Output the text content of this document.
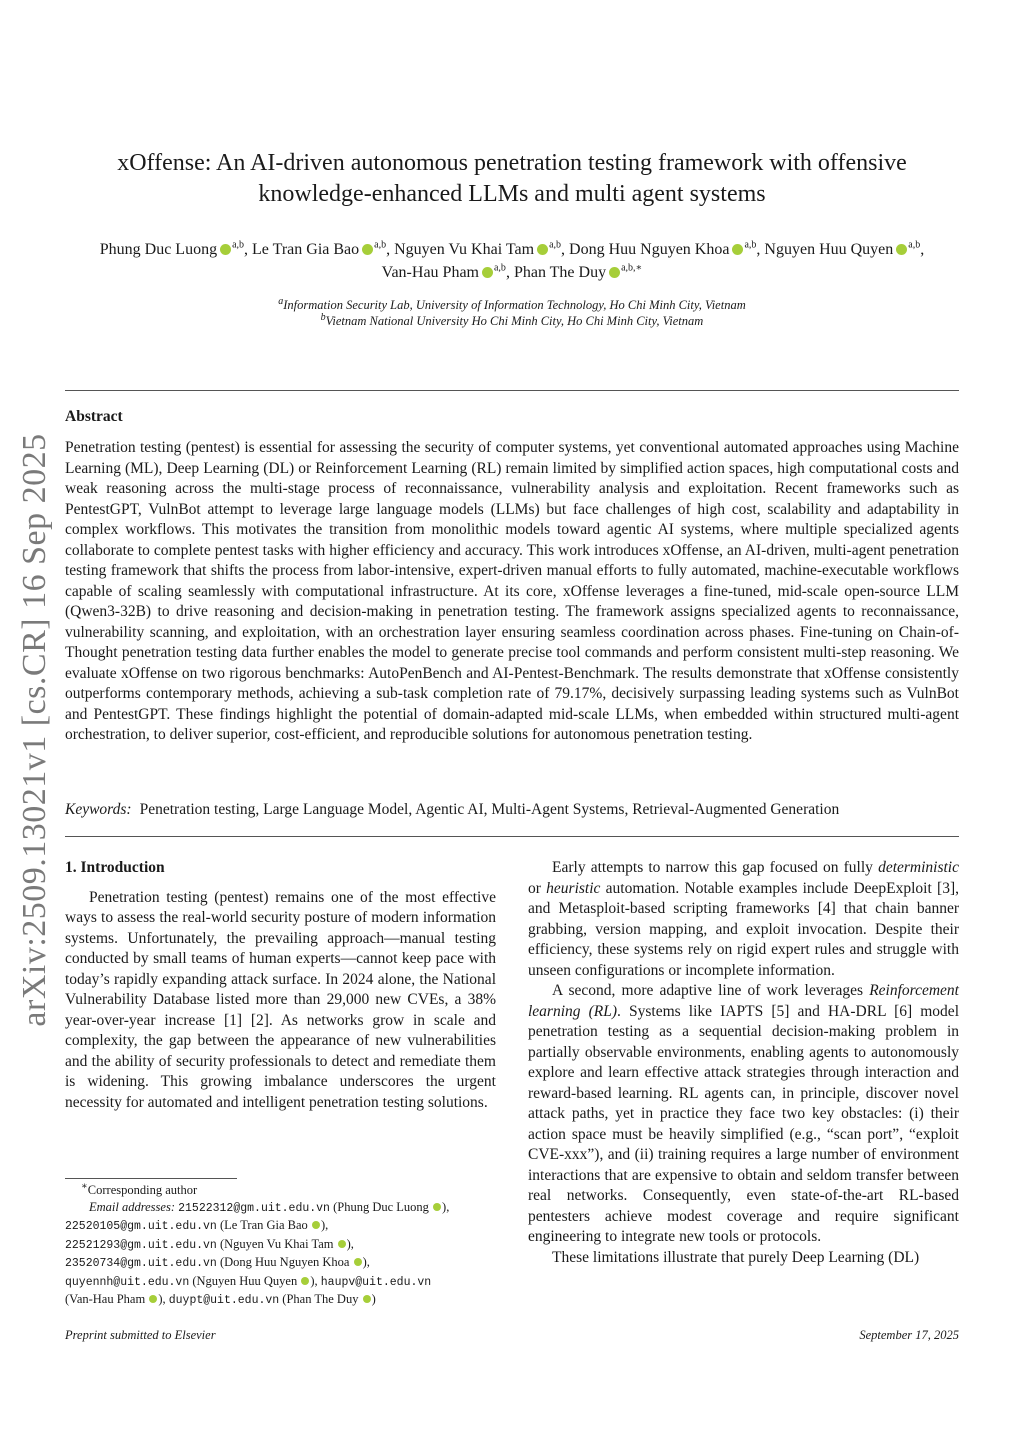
arXiv:2509.13021v1 [cs.CR] 16 Sep 2025
xOffense: An AI-driven autonomous penetration testing framework with offensive
knowledge-enhanced LLMs and multi agent systems
Phung Duc Luong $^{a,b}$, Le Tran Gia Bao $^{a,b}$, Nguyen Vu Khai Tam $^{a,b}$, Dong Huu Nguyen Khoa $^{a,b}$, Nguyen Huu Quyen $^{a,b}$,
Van-Hau Pham $^{a,b}$, Phan The Duy $^{a,b,∗}$
$^a$Information Security Lab, University of Information Technology, Ho Chi Minh City, Vietnam
$^b$Vietnam National University Ho Chi Minh City, Ho Chi Minh City, Vietnam
Abstract

Penetration testing (pentest) is essential for assessing the security of computer systems, yet conventional automated approaches using Machine Learning (ML), Deep Learning (DL) or Reinforcement Learning (RL) remain limited by simplified action spaces, high computational costs and weak reasoning across the multi-stage process of reconnaissance, vulnerability analysis and exploitation. Recent frameworks such as PentestGPT, VulnBot attempt to leverage large language models (LLMs) but face challenges of high cost, scalability and adaptability in complex workflows. This motivates the transition from monolithic models toward agentic AI systems, where multiple specialized agents collaborate to complete pentest tasks with higher efficiency and accuracy. This work introduces xOffense, an AI-driven, multi-agent penetration testing framework that shifts the process from labor-intensive, expert-driven manual efforts to fully automated, machine-executable workflows capable of scaling seamlessly with computational infrastructure. At its core, xOffense leverages a fine-tuned, mid-scale open-source LLM (Qwen3-32B) to drive reasoning and decision-making in penetration testing. The framework assigns specialized agents to reconnaissance, vulnerability scanning, and exploitation, with an orchestration layer ensuring seamless coordination across phases. Fine-tuning on Chain-of-Thought penetration testing data further enables the model to generate precise tool commands and perform consistent multi-step reasoning. We evaluate xOffense on two rigorous benchmarks: AutoPenBench and AI-Pentest-Benchmark. The results demonstrate that xOffense consistently outperforms contemporary methods, achieving a sub-task completion rate of 79.17%, decisively surpassing leading systems such as VulnBot and PentestGPT. These findings highlight the potential of domain-adapted mid-scale LLMs, when embedded within structured multi-agent orchestration, to deliver superior, cost-efficient, and reproducible solutions for autonomous penetration testing.

Keywords: Penetration testing, Large Language Model, Agentic AI, Multi-Agent Systems, Retrieval-Augmented Generation
1. Introduction

Penetration testing (pentest) remains one of the most effective ways to assess the real-world security posture of modern information systems. Unfortunately, the prevailing approach—manual testing conducted by small teams of human experts—cannot keep pace with today’s rapidly expanding attack surface. In 2024 alone, the National Vulnerability Database listed more than 29,000 new CVEs, a 38% year-over-year increase [1] [2]. As networks grow in scale and complexity, the gap between the appearance of new vulnerabilities and the ability of security professionals to detect and remediate them is widening. This growing imbalance underscores the urgent necessity for automated and intelligent penetration testing solutions.

Early attempts to narrow this gap focused on fully deterministic or heuristic automation. Notable examples include DeepExploit [3], and Metasploit-based scripting frameworks [4] that chain banner grabbing, version mapping, and exploit invocation. Despite their efficiency, these systems rely on rigid expert rules and struggle with unseen configurations or incomplete information.

A second, more adaptive line of work leverages Reinforcement learning (RL). Systems like IAPTS [5] and HA-DRL [6] model penetration testing as a sequential decision-making problem in partially observable environments, enabling agents to autonomously explore and learn effective attack strategies through interaction and reward-based learning. RL agents can, in principle, discover novel attack paths, yet in practice they face two key obstacles: (i) their action space must be heavily simplified (e.g., “scan port”, “exploit CVE-xxx”), and (ii) training requires a large number of environment interactions that are expensive to obtain and seldom transfer between real networks. Consequently, even state-of-the-art RL-based pentesters achieve modest coverage and require significant engineering to integrate new tools or protocols.

These limitations illustrate that purely Deep Learning (DL)

∗Corresponding author
Email addresses: 21522312@gm.uit.edu.vn (Phung Duc Luong ),
22520105@gm.uit.edu.vn (Le Tran Gia Bao ),
22521293@gm.uit.edu.vn (Nguyen Vu Khai Tam ),
23520734@gm.uit.edu.vn (Dong Huu Nguyen Khoa ),
quyennh@uit.edu.vn (Nguyen Huu Quyen ), haupv@uit.edu.vn
(Van-Hau Pham ), duypt@uit.edu.vn (Phan The Duy )
Preprint submitted to Elsevier	September 17, 2025
